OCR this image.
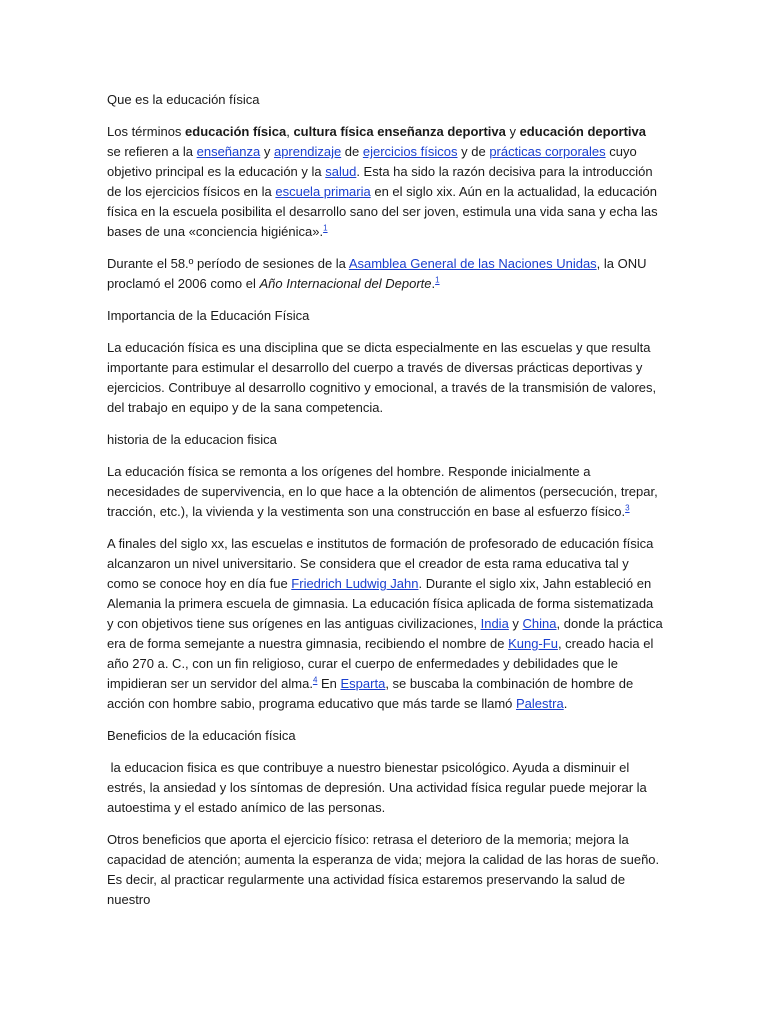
Que es la educación física

Los términos educación física, cultura física enseñanza deportiva y educación deportiva se refieren a la enseñanza y aprendizaje de ejercicios físicos y de prácticas corporales cuyo objetivo principal es la educación y la salud. Esta ha sido la razón decisiva para la introducción de los ejercicios físicos en la escuela primaria en el siglo xix. Aún en la actualidad, la educación física en la escuela posibilita el desarrollo sano del ser joven, estimula una vida sana y echa las bases de una «conciencia higiénica».$^1$

Durante el 58.º período de sesiones de la Asamblea General de las Naciones Unidas, la ONU proclamó el 2006 como el Año Internacional del Deporte.$^1$

Importancia de la Educación Física

La educación física es una disciplina que se dicta especialmente en las escuelas y que resulta importante para estimular el desarrollo del cuerpo a través de diversas prácticas deportivas y ejercicios. Contribuye al desarrollo cognitivo y emocional, a través de la transmisión de valores, del trabajo en equipo y de la sana competencia.

historia de la educacion fisica

La educación física se remonta a los orígenes del hombre. Responde inicialmente a necesidades de supervivencia, en lo que hace a la obtención de alimentos (persecución, trepar, tracción, etc.), la vivienda y la vestimenta son una construcción en base al esfuerzo físico.$^3$

A finales del siglo xx, las escuelas e institutos de formación de profesorado de educación física alcanzaron un nivel universitario. Se considera que el creador de esta rama educativa tal y como se conoce hoy en día fue Friedrich Ludwig Jahn. Durante el siglo xix, Jahn estableció en Alemania la primera escuela de gimnasia. La educación física aplicada de forma sistematizada y con objetivos tiene sus orígenes en las antiguas civilizaciones, India y China, donde la práctica era de forma semejante a nuestra gimnasia, recibiendo el nombre de Kung-Fu, creado hacia el año 270 a. C., con un fin religioso, curar el cuerpo de enfermedades y debilidades que le impidieran ser un servidor del alma.$^4$ En Esparta, se buscaba la combinación de hombre de acción con hombre sabio, programa educativo que más tarde se llamó Palestra.

Beneficios de la educación física

la educacion fisica es que contribuye a nuestro bienestar psicológico. Ayuda a disminuir el estrés, la ansiedad y los síntomas de depresión. Una actividad física regular puede mejorar la autoestima y el estado anímico de las personas.

Otros beneficios que aporta el ejercicio físico: retrasa el deterioro de la memoria; mejora la capacidad de atención; aumenta la esperanza de vida; mejora la calidad de las horas de sueño. Es decir, al practicar regularmente una actividad física estaremos preservando la salud de nuestro
